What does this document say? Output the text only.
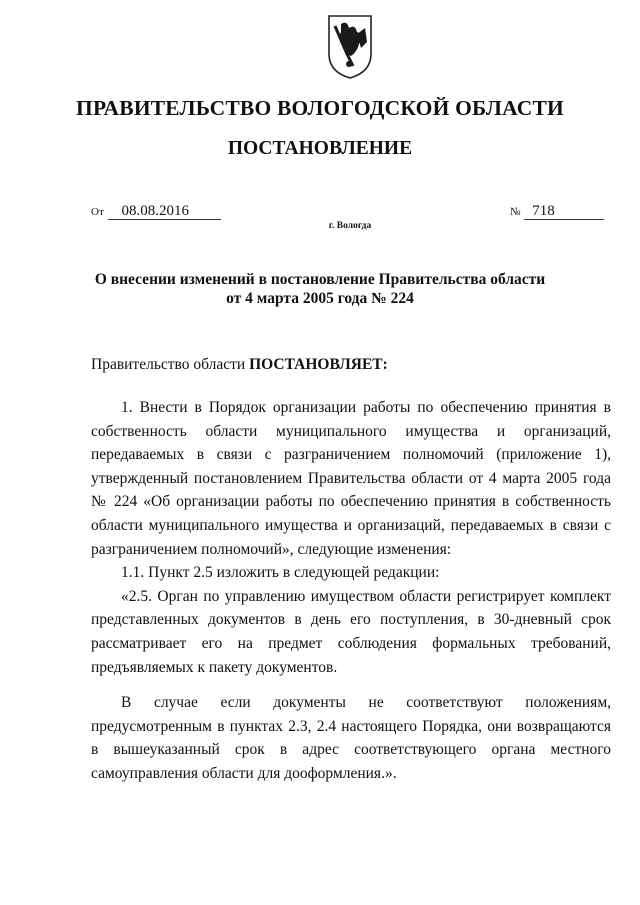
ПРАВИТЕЛЬСТВО ВОЛОГОДСКОЙ ОБЛАСТИ
ПОСТАНОВЛЕНИЕ
От 08.08.2016	№ 718
г. Вологда
О внесении изменений в постановление Правительства области
от 4 марта 2005 года № 224
Правительство области ПОСТАНОВЛЯЕТ:

1. Внести в Порядок организации работы по обеспечению принятия в собственность области муниципального имущества и организаций, передаваемых в связи с разграничением полномочий (приложение 1), утвержденный постановлением Правительства области от 4 марта 2005 года № 224 «Об организации работы по обеспечению принятия в собственность области муниципального имущества и организаций, передаваемых в связи с разграничением полномочий», следующие изменения:

1.1. Пункт 2.5 изложить в следующей редакции:

«2.5. Орган по управлению имуществом области регистрирует комплект представленных документов в день его поступления, в 30-дневный срок рассматривает его на предмет соблюдения формальных требований, предъявляемых к пакету документов.

В случае если документы не соответствуют положениям, предусмотренным в пунктах 2.3, 2.4 настоящего Порядка, они возвращаются в вышеуказанный срок в адрес соответствующего органа местного самоуправления области для дооформления.».
